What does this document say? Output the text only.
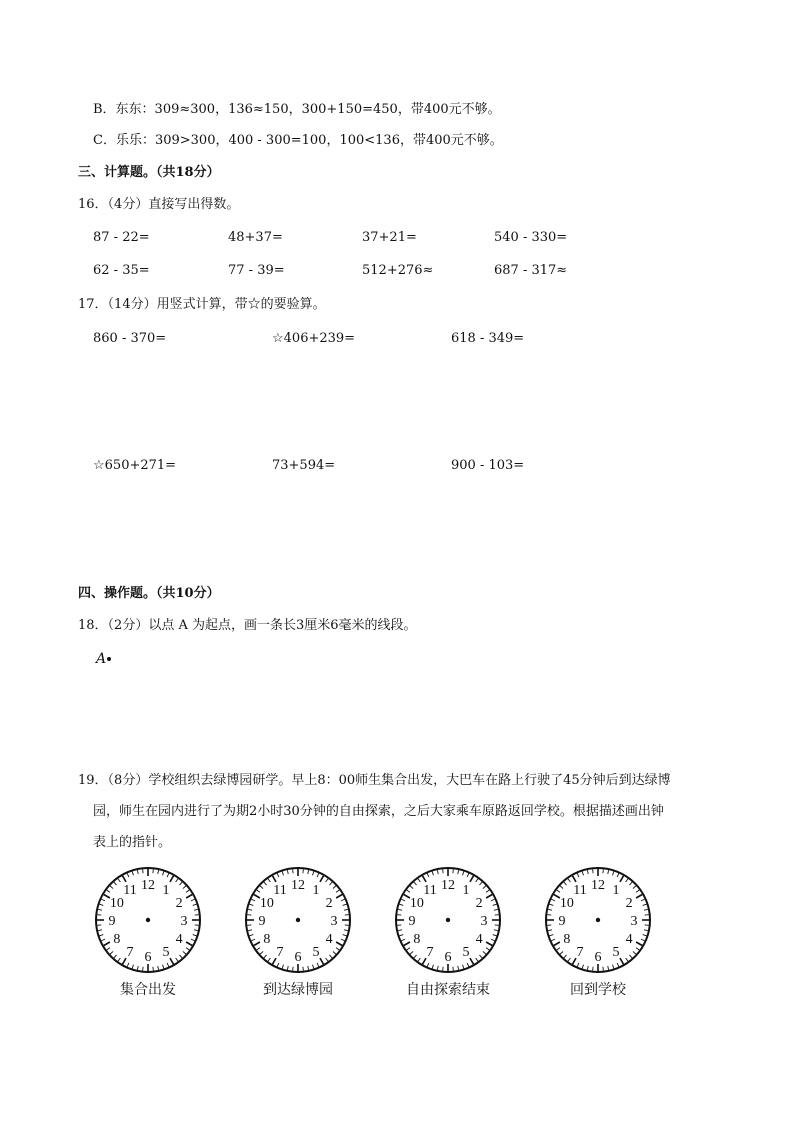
B．东东：309≈300，136≈150，300+150=450，带400元不够。
C．乐乐：309>300，400 - 300=100，100<136，带400元不够。
三、计算题。（共18分）
16．（4分）直接写出得数。
87 - 22=	48+37=	37+21=	540 - 330=
62 - 35=	77 - 39=	512+276≈	687 - 317≈
17．（14分）用竖式计算，带☆的要验算。
860 - 370=	☆406+239=	618 - 349=
☆650+271=	73+594=	900 - 103=
四、操作题。（共10分）
18．（2分）以点 A 为起点，画一条长3厘米6毫米的线段。
A
19．（8分）学校组织去绿博园研学。早上8：00师生集合出发，大巴车在路上行驶了45分钟后到达绿博
园，师生在园内进行了为期2小时30分钟的自由探索，之后大家乘车原路返回学校。根据描述画出钟
表上的指针。
12 1
2
3
4
5
6
7
8
9
10
11	12 1
2
3
4
5
6
7
8
9
10
11	12 1
2
3
4
5
6
7
8
9
10
11	12 1
2
3
4
5
6
7
8
9
10
11
集合出发	到达绿博园	自由探索结束	回到学校
